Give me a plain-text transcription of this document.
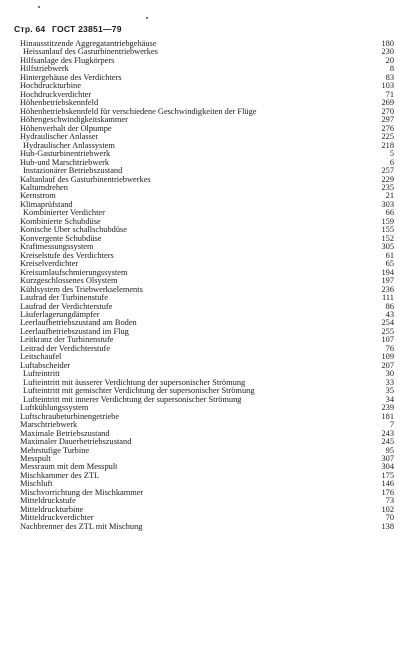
Стр. 64 ГОСТ 23851—79
Hinausstitzende Aggregatantriebgehäuse	180
Heissanlauf des Gasturbinentriebwerkes	230
Hilfsanlage des Flugkörpers	20
Hilfstriebwerk	8
Hintergehäuse des Verdichters	83
Hochdruckturbine	103
Hochdruckverdichter	71
Höhenbetriebskennfeld	269
Höhenbetriebskennfeld für verschiedene Geschwindigkeiten der Flüge	270
Höhengeschwindigkeitskammer	297
Höhenverhalt der Ölpumpe	276
Hydraulischer Anlasser	225
Hydraulischer Anlassystem	218
Hub-Gasturbinentriebwerk	5
Hub-und Marschtriebwerk	6
Instazionärer Betriebszustand	257
Kaltanlauf des Gasturbinentriebwerkes	229
Kaltumdrehen	235
Kernstrom	21
Klimaprüfstand	303
Kombinierter Verdichter	66
Kombinierte Schubdüse	159
Konische Über schallschubdüse	155
Konvergente Schubdüse	152
Kraftmessungssystem	305
Kreiselstufe des Verdichters	61
Kreiselverdichter	65
Kreisumlaufschmierungssystem	194
Kurzgeschlossenes Ölsystem	197
Kühlsystem des Triebwerkselements	236
Laufrad der Turbinenstufe	111
Laufrad der Verdichterstufe	86
Läuferlagerungdämpfer	43
Leerlaufbetriebszustand am Boden	254
Leerlaufbetriebszustand im Flug	255
Leitkranz der Turbinenstufe	107
Leitrad der Verdichterstufe	76
Leitschaufel	109
Luftabscheider	207
Lufteintritt	30
Lufteintritt mit äusserer Verdichtung der supersonischer Strömung	33
Lufteintritt mit gemischter Verdichtung der supersonischer Strömung	35
Lufteintritt mit innerer Verdichtung der supersonischer Strömung	34
Luftkühlungssystem	239
Luftschraubeturbinengetriebe	181
Marschtriebwerk	7
Maximale Betriebszustand	243
Maximaler Dauerbetriebszustand	245
Mehrstufige Turbine	95
Messpult	307
Messraum mit dem Messpult	304
Mischkammer des ZTL	175
Mischluft	146
Mischvorrichtung der Mischkammer	176
Mitteldruckstufe	73
Mitteldruckturbine	102
Mitteldruckverdichter	70
Nachbrenner des ZTL mit Mischung	138
